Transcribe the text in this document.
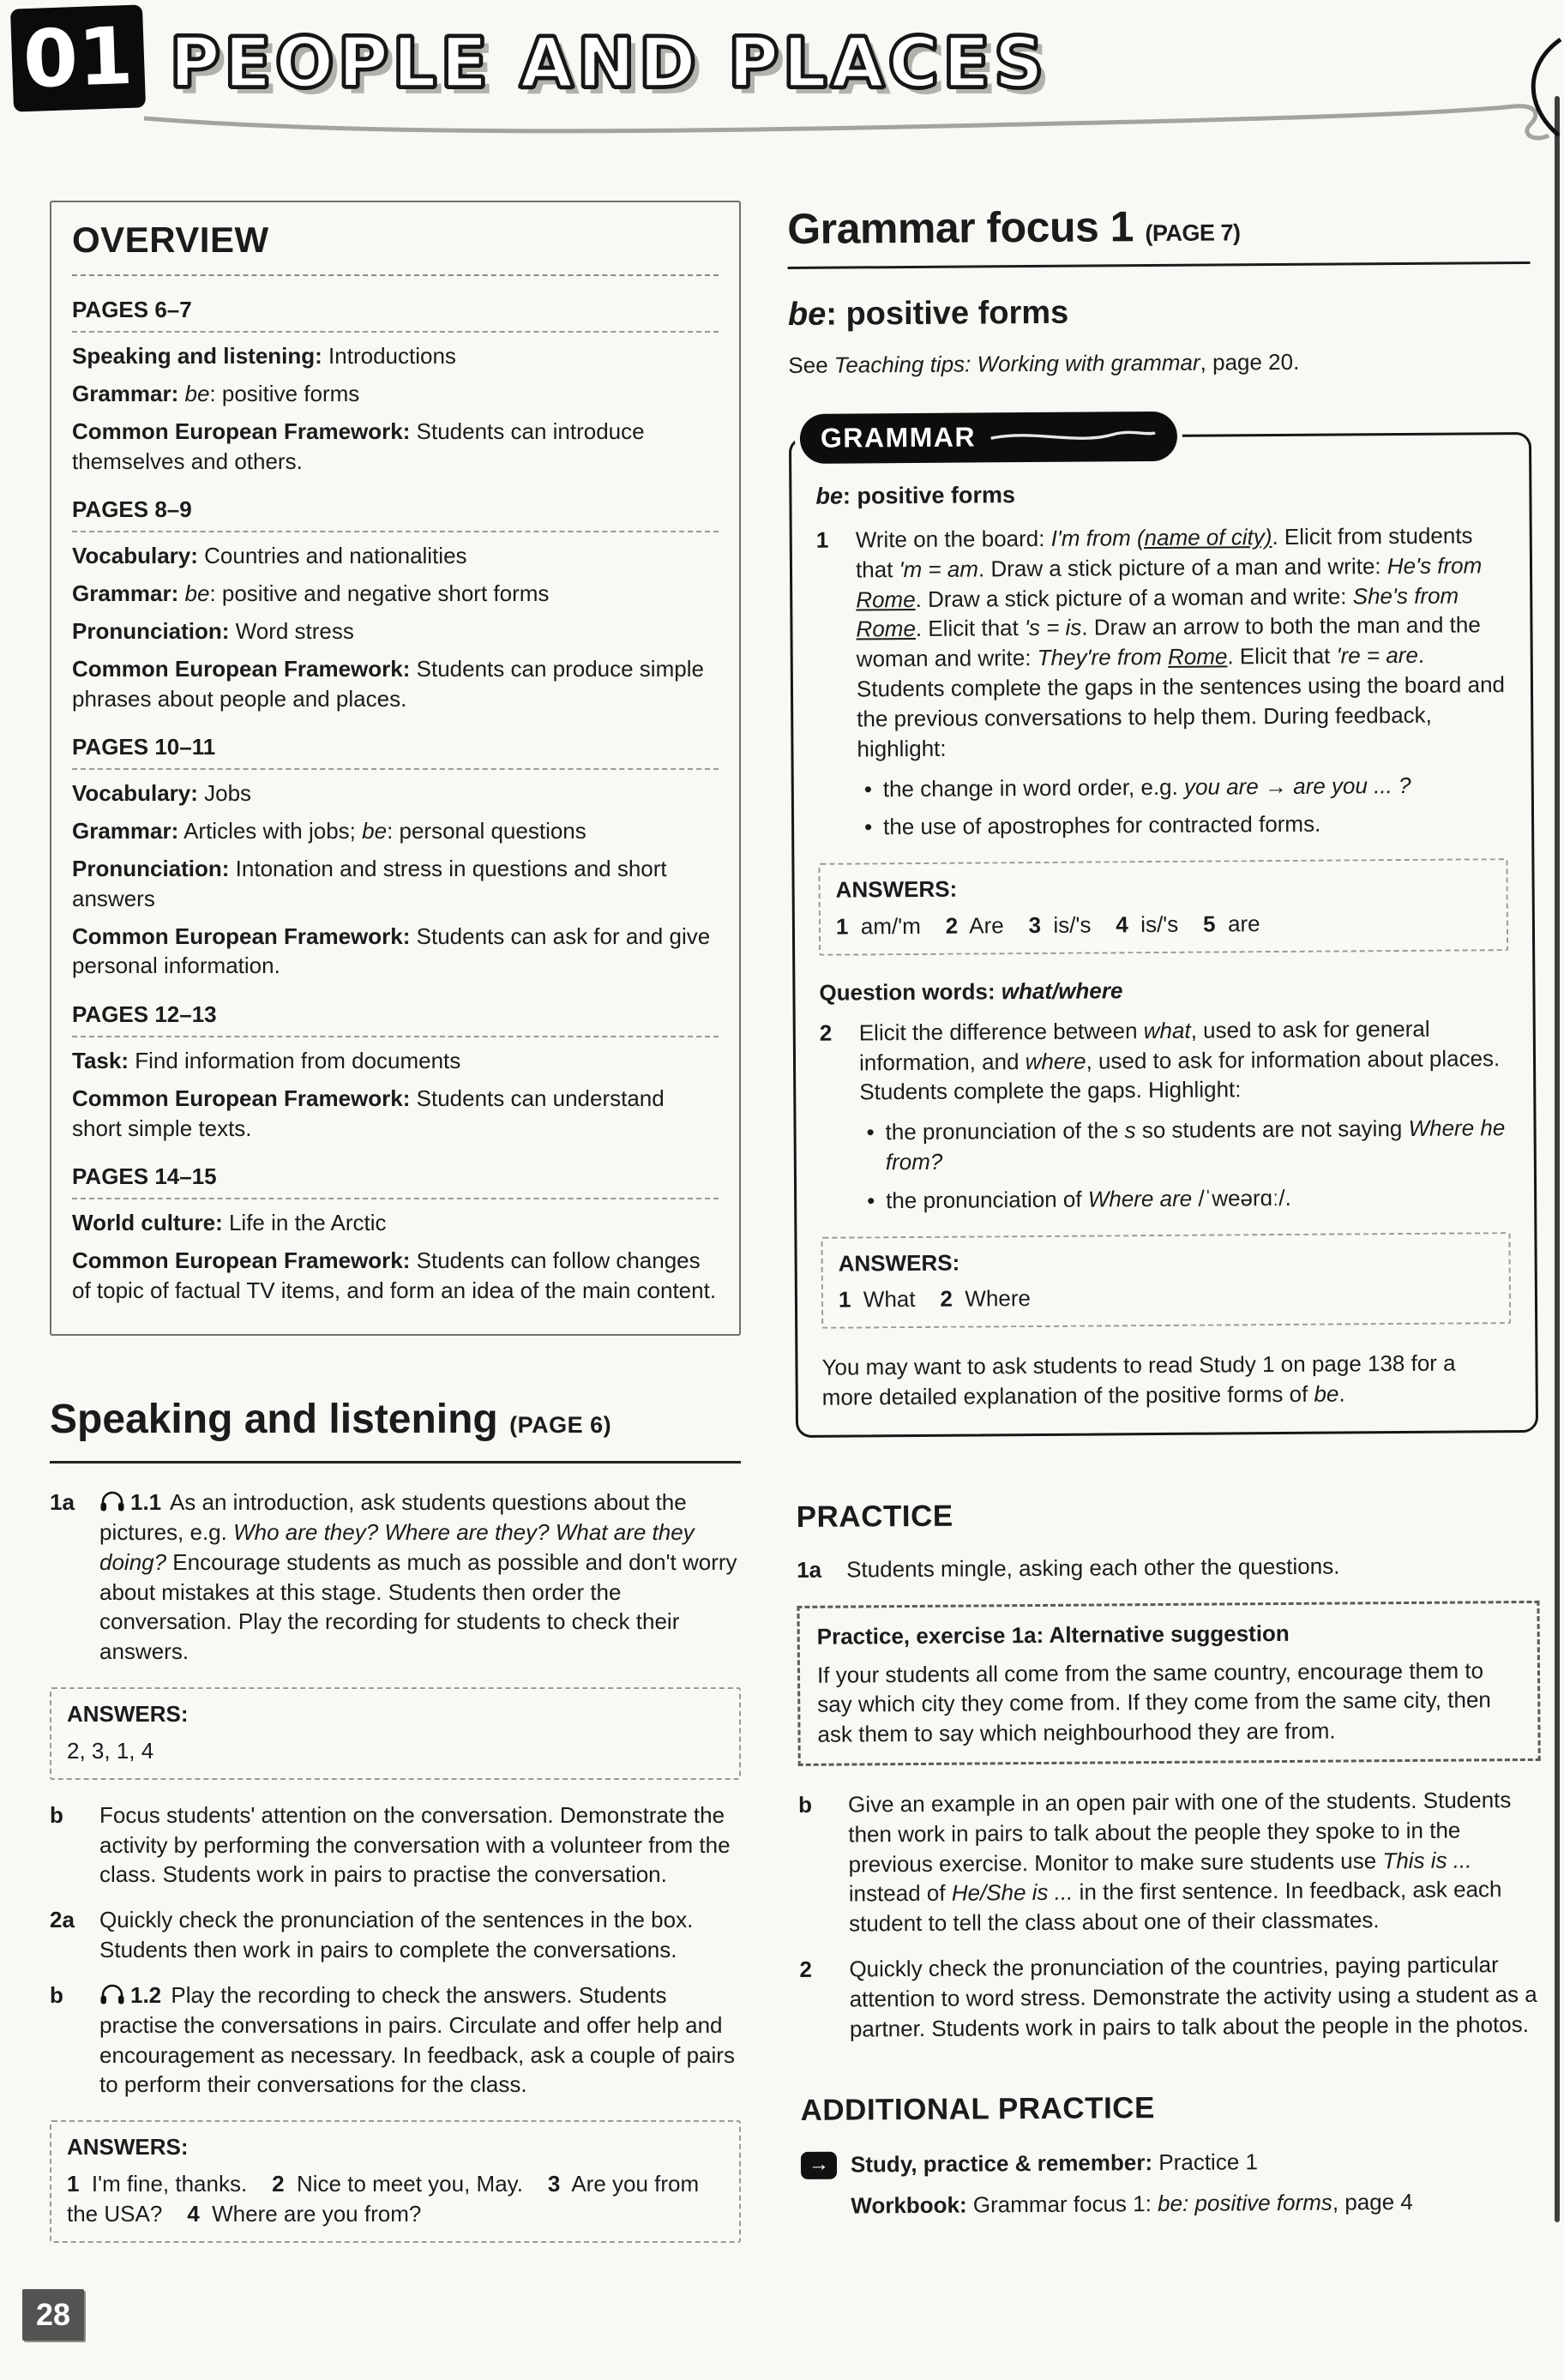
01 PEOPLE AND PLACES
OVERVIEW
PAGES 6–7

Speaking and listening: Introductions

Grammar: be: positive forms

Common European Framework: Students can introduce themselves and others.

PAGES 8–9

Vocabulary: Countries and nationalities

Grammar: be: positive and negative short forms

Pronunciation: Word stress

Common European Framework: Students can produce simple phrases about people and places.

PAGES 10–11

Vocabulary: Jobs

Grammar: Articles with jobs; be: personal questions

Pronunciation: Intonation and stress in questions and short answers

Common European Framework: Students can ask for and give personal information.

PAGES 12–13

Task: Find information from documents

Common European Framework: Students can understand short simple texts.

PAGES 14–15

World culture: Life in the Arctic

Common European Framework: Students can follow changes of topic of factual TV items, and form an idea of the main content.

Speaking and listening (PAGE 6)
1a	1.1 As an introduction, ask students questions about the pictures, e.g. Who are they? Where are they? What are they doing? Encourage students as much as possible and don't worry about mistakes at this stage. Students then order the conversation. Play the recording for students to check their answers.

ANSWERS:
2, 3, 1, 4
b	Focus students' attention on the conversation. Demonstrate the activity by performing the conversation with a volunteer from the class. Students work in pairs to practise the conversation.

2a	Quickly check the pronunciation of the sentences in the box. Students then work in pairs to complete the conversations.

b	1.2 Play the recording to check the answers. Students practise the conversations in pairs. Circulate and offer help and encouragement as necessary. In feedback, ask a couple of pairs to perform their conversations for the class.

ANSWERS:
1  I'm fine, thanks.    2  Nice to meet you, May.    3  Are you from the USA?    4  Where are you from?
Grammar focus 1 (PAGE 7)
be: positive forms

See Teaching tips: Working with grammar, page 20.

GRAMMAR
be: positive forms
1	Write on the board: I'm from (name of city). Elicit from students that 'm = am. Draw a stick picture of a man and write: He's from Rome. Draw a stick picture of a woman and write: She's from Rome. Elicit that 's = is. Draw an arrow to both the man and the woman and write: They're from Rome. Elicit that 're = are. Students complete the gaps in the sentences using the board and the previous conversations to help them. During feedback, highlight:

• the change in word order, e.g. you are → are you ... ?

• the use of apostrophes for contracted forms.

ANSWERS:
1  am/'m    2  Are    3  is/'s    4  is/'s    5  are

Question words: what/where

2	Elicit the difference between what, used to ask for general information, and where, used to ask for information about places. Students complete the gaps. Highlight:

• the pronunciation of the s so students are not saying Where he from?

• the pronunciation of Where are /ˈweərɑː/.

ANSWERS:
1  What    2  Where

You may want to ask students to read Study 1 on page 138 for a more detailed explanation of the positive forms of be.

PRACTICE
1a	Students mingle, asking each other the questions.

Practice, exercise 1a: Alternative suggestion

If your students all come from the same country, encourage them to say which city they come from. If they come from the same city, then ask them to say which neighbourhood they are from.

b	Give an example in an open pair with one of the students. Students then work in pairs to talk about the people they spoke to in the previous exercise. Monitor to make sure students use This is ... instead of He/She is ... in the first sentence. In feedback, ask each student to tell the class about one of their classmates.

2	Quickly check the pronunciation of the countries, paying particular attention to word stress. Demonstrate the activity using a student as a partner. Students work in pairs to talk about the people in the photos.

ADDITIONAL PRACTICE
→ Study, practice & remember: Practice 1

Workbook: Grammar focus 1: be: positive forms, page 4

28
